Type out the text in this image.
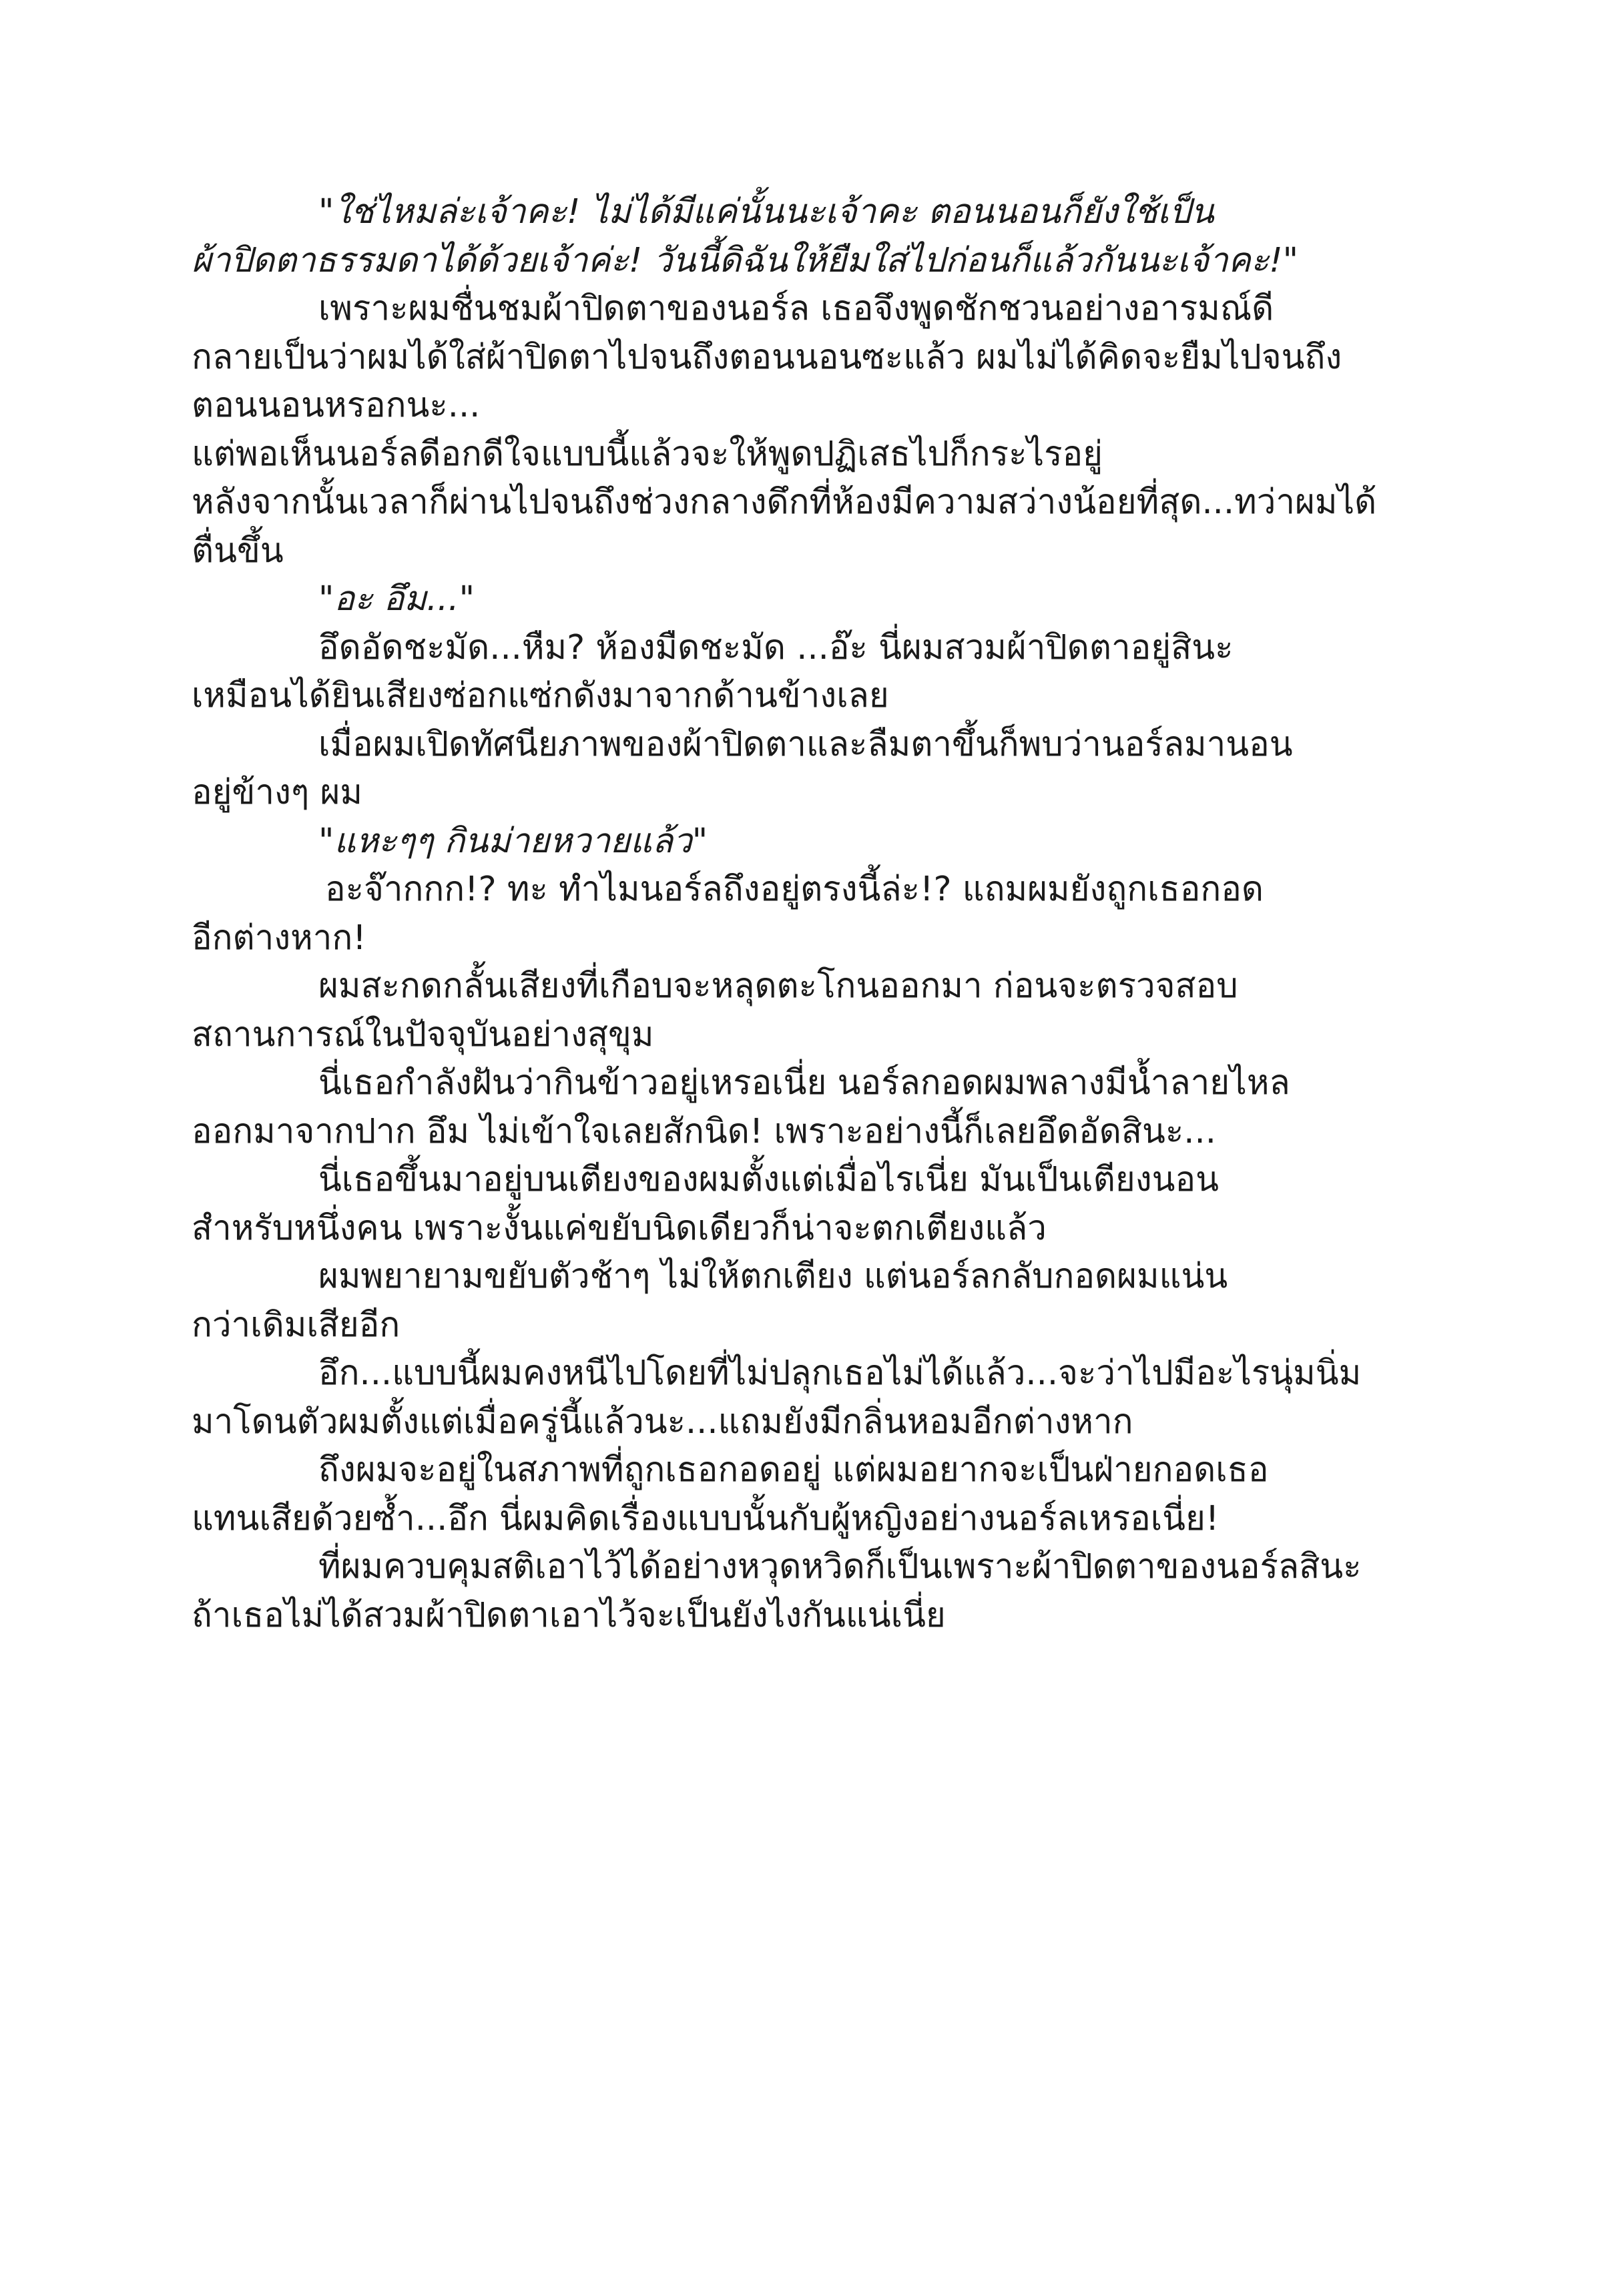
"ใช่ไหมล่ะเจ้าคะ! ไม่ได้มีแค่นั้นนะเจ้าคะ ตอนนอนก็ยังใช้เป็น
ผ้าปิดตาธรรมดาได้ด้วยเจ้าค่ะ! วันนี้ดิฉันให้ยืมใส่ไปก่อนก็แล้วกันนะเจ้าคะ!"
เพราะผมชื่นชมผ้าปิดตาของนอร์ล เธอจึงพูดชักชวนอย่างอารมณ์ดี
กลายเป็นว่าผมได้ใส่ผ้าปิดตาไปจนถึงตอนนอนซะแล้ว ผมไม่ได้คิดจะยืมไปจนถึง
ตอนนอนหรอกนะ...
แต่พอเห็นนอร์ลดีอกดีใจแบบนี้แล้วจะให้พูดปฏิเสธไปก็กระไรอยู่
หลังจากนั้นเวลาก็ผ่านไปจนถึงช่วงกลางดึกที่ห้องมีความสว่างน้อยที่สุด...ทว่าผมได้
ตื่นขึ้น
"อะ อึม..."
อึดอัดชะมัด...หืม? ห้องมืดชะมัด ...อ๊ะ นี่ผมสวมผ้าปิดตาอยู่สินะ
เหมือนได้ยินเสียงซ่อกแซ่กดังมาจากด้านข้างเลย
เมื่อผมเปิดทัศนียภาพของผ้าปิดตาและลืมตาขึ้นก็พบว่านอร์ลมานอน
อยู่ข้างๆ ผม
"แหะๆๆ กินม่ายหวายแล้ว"
อะจ๊ากกก!? ทะ ทำไมนอร์ลถึงอยู่ตรงนี้ล่ะ!? แถมผมยังถูกเธอกอด
อีกต่างหาก!
ผมสะกดกลั้นเสียงที่เกือบจะหลุดตะโกนออกมา ก่อนจะตรวจสอบ
สถานการณ์ในปัจจุบันอย่างสุขุม
นี่เธอกำลังฝันว่ากินข้าวอยู่เหรอเนี่ย นอร์ลกอดผมพลางมีน้ำลายไหล
ออกมาจากปาก อึม ไม่เข้าใจเลยสักนิด! เพราะอย่างนี้ก็เลยอึดอัดสินะ...
นี่เธอขึ้นมาอยู่บนเตียงของผมตั้งแต่เมื่อไรเนี่ย มันเป็นเตียงนอน
สำหรับหนึ่งคน เพราะงั้นแค่ขยับนิดเดียวก็น่าจะตกเตียงแล้ว
ผมพยายามขยับตัวช้าๆ ไม่ให้ตกเตียง แต่นอร์ลกลับกอดผมแน่น
กว่าเดิมเสียอีก
อึก...แบบนี้ผมคงหนีไปโดยที่ไม่ปลุกเธอไม่ได้แล้ว...จะว่าไปมีอะไรนุ่มนิ่ม
มาโดนตัวผมตั้งแต่เมื่อครู่นี้แล้วนะ...แถมยังมีกลิ่นหอมอีกต่างหาก
ถึงผมจะอยู่ในสภาพที่ถูกเธอกอดอยู่ แต่ผมอยากจะเป็นฝ่ายกอดเธอ
แทนเสียด้วยซ้ำ...อึก นี่ผมคิดเรื่องแบบนั้นกับผู้หญิงอย่างนอร์ลเหรอเนี่ย!
ที่ผมควบคุมสติเอาไว้ได้อย่างหวุดหวิดก็เป็นเพราะผ้าปิดตาของนอร์ลสินะ
ถ้าเธอไม่ได้สวมผ้าปิดตาเอาไว้จะเป็นยังไงกันแน่เนี่ย
